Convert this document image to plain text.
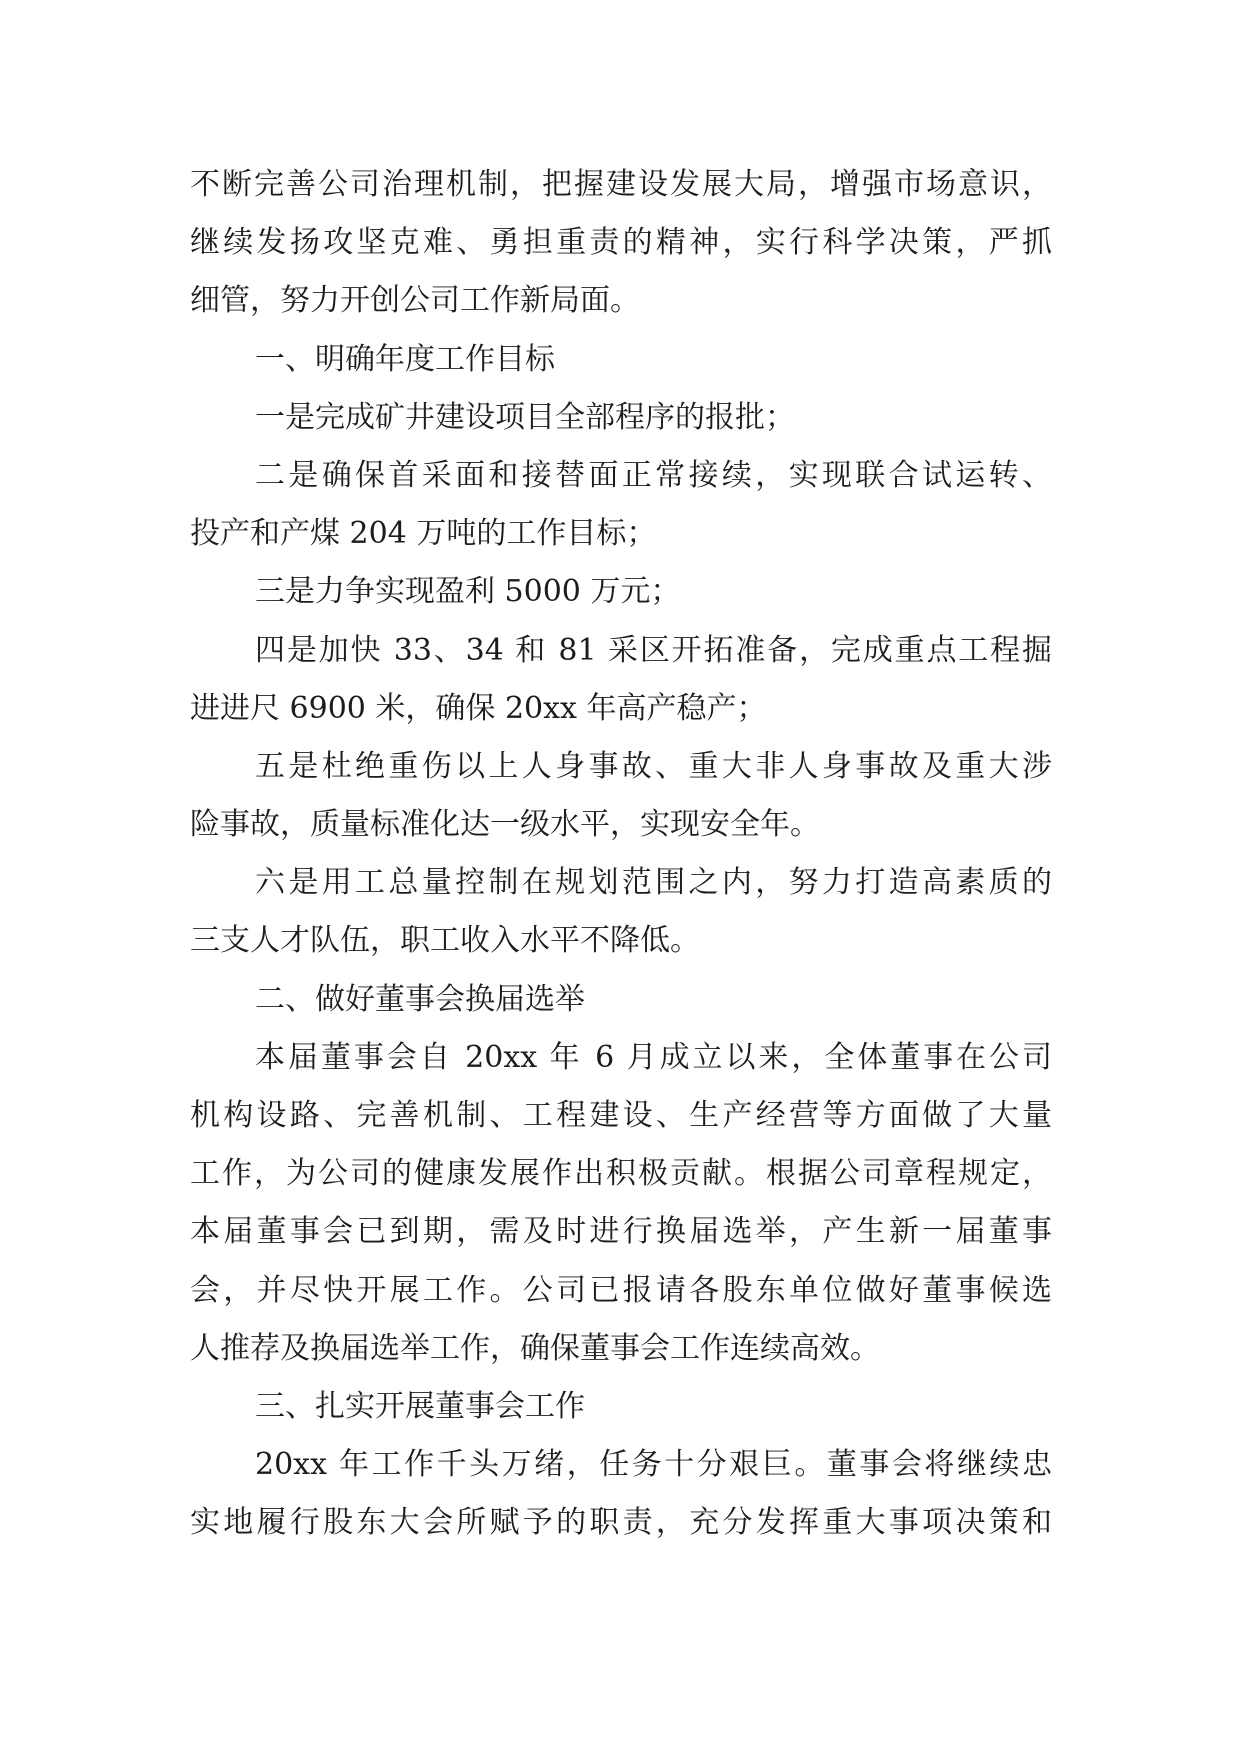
不断完善公司治理机制，把握建设发展大局，增强市场意识，
继续发扬攻坚克难、勇担重责的精神，实行科学决策，严抓
细管，努力开创公司工作新局面。
一、明确年度工作目标
一是完成矿井建设项目全部程序的报批；
二是确保首采面和接替面正常接续，实现联合试运转、
投产和产煤 204 万吨的工作目标；
三是力争实现盈利 5000 万元；
四是加快 33、34 和 81 采区开拓准备，完成重点工程掘
进进尺 6900 米，确保 20xx 年高产稳产；
五是杜绝重伤以上人身事故、重大非人身事故及重大涉
险事故，质量标准化达一级水平，实现安全年。
六是用工总量控制在规划范围之内，努力打造高素质的
三支人才队伍，职工收入水平不降低。
二、做好董事会换届选举
本届董事会自 20xx 年 6 月成立以来，全体董事在公司
机构设路、完善机制、工程建设、生产经营等方面做了大量
工作，为公司的健康发展作出积极贡献。根据公司章程规定，
本届董事会已到期，需及时进行换届选举，产生新一届董事
会，并尽快开展工作。公司已报请各股东单位做好董事候选
人推荐及换届选举工作，确保董事会工作连续高效。
三、扎实开展董事会工作
20xx 年工作千头万绪，任务十分艰巨。董事会将继续忠
实地履行股东大会所赋予的职责，充分发挥重大事项决策和
